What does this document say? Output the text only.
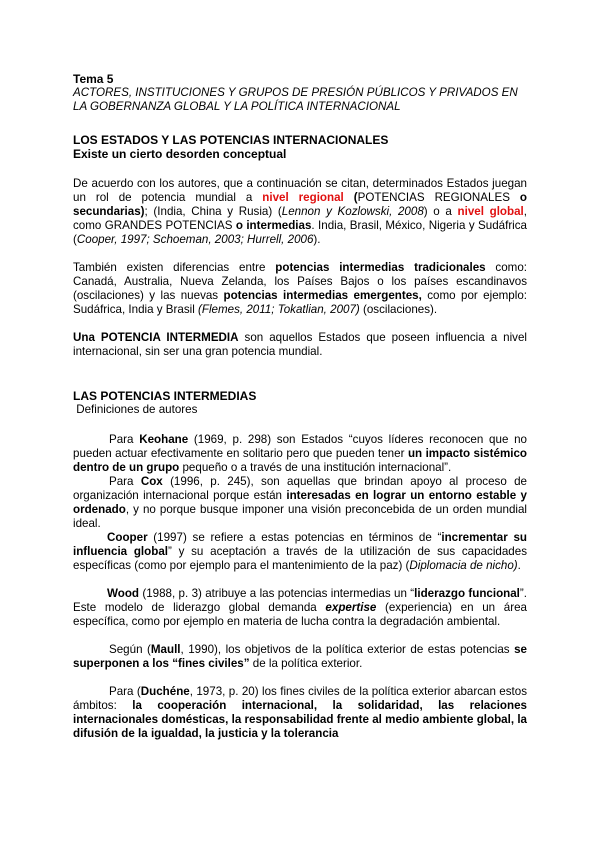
Tema 5
ACTORES, INSTITUCIONES Y GRUPOS DE PRESIÓN PÚBLICOS Y PRIVADOS EN LA GOBERNANZA GLOBAL Y LA POLÍTICA INTERNACIONAL
LOS ESTADOS Y LAS POTENCIAS INTERNACIONALES
Existe un cierto desorden conceptual

De acuerdo con los autores, que a continuación se citan, determinados Estados juegan un rol de potencia mundial a nivel regional (POTENCIAS REGIONALES o secundarias); (India, China y Rusia) (Lennon y Kozlowski, 2008) o a nivel global, como GRANDES POTENCIAS o intermedias. India, Brasil, México, Nigeria y Sudáfrica (Cooper, 1997; Schoeman, 2003; Hurrell, 2006).

También existen diferencias entre potencias intermedias tradicionales como: Canadá, Australia, Nueva Zelanda, los Países Bajos o los países escandinavos (oscilaciones) y las nuevas potencias intermedias emergentes, como por ejemplo: Sudáfrica, India y Brasil (Flemes, 2011; Tokatlian, 2007) (oscilaciones).

Una POTENCIA INTERMEDIA son aquellos Estados que poseen influencia a nivel internacional, sin ser una gran potencia mundial.

LAS POTENCIAS INTERMEDIAS
Definiciones de autores

Para Keohane (1969, p. 298) son Estados “cuyos líderes reconocen que no pueden actuar efectivamente en solitario pero que pueden tener un impacto sistémico dentro de un grupo pequeño o a través de una institución internacional”.

Para Cox (1996, p. 245), son aquellas que brindan apoyo al proceso de organización internacional porque están interesadas en lograr un entorno estable y ordenado, y no porque busque imponer una visión preconcebida de un orden mundial ideal.

Cooper (1997) se refiere a estas potencias en términos de “incrementar su influencia global” y su aceptación a través de la utilización de sus capacidades específicas (como por ejemplo para el mantenimiento de la paz) (Diplomacia de nicho).

Wood (1988, p. 3) atribuye a las potencias intermedias un “liderazgo funcional”. Este modelo de liderazgo global demanda expertise (experiencia) en un área específica, como por ejemplo en materia de lucha contra la degradación ambiental.

Según (Maull, 1990), los objetivos de la política exterior de estas potencias se superponen a los “fines civiles” de la política exterior.

Para (Duchéne, 1973, p. 20) los fines civiles de la política exterior abarcan estos ámbitos: la cooperación internacional, la solidaridad, las relaciones internacionales domésticas, la responsabilidad frente al medio ambiente global, la difusión de la igualdad, la justicia y la tolerancia
